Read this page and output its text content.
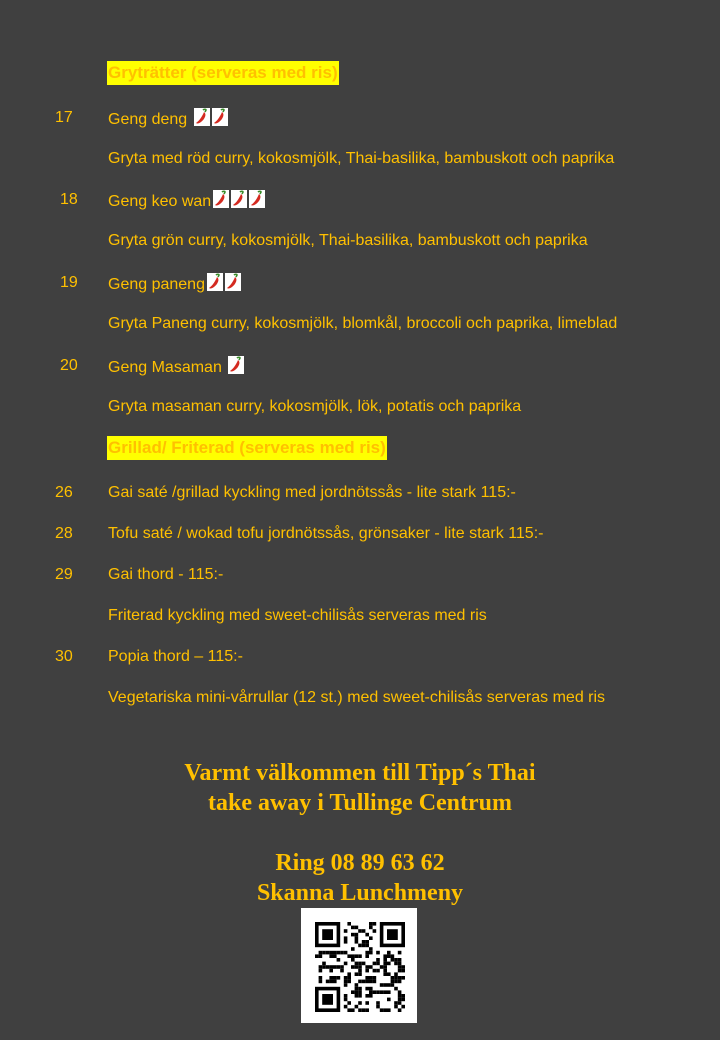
Gryträtter (serveras med ris)
17 Geng deng
Gryta med röd curry, kokosmjölk, Thai-basilika, bambuskott och paprika
18 Geng keo wan
Gryta grön curry, kokosmjölk, Thai-basilika, bambuskott och paprika
19 Geng paneng
Gryta Paneng curry, kokosmjölk, blomkål, broccoli och paprika, limeblad
20 Geng Masaman
Gryta masaman curry, kokosmjölk, lök, potatis och paprika
Grillad/ Friterad (serveras med ris)
26 Gai saté /grillad kyckling med jordnötssås - lite stark 115:-
28 Tofu saté / wokad tofu jordnötssås, grönsaker - lite stark 115:-
29 Gai thord - 115:-
Friterad kyckling med sweet-chilisås serveras med ris
30 Popia thord – 115:-
Vegetariska mini-vårrullar (12 st.) med sweet-chilisås serveras med ris
Varmt välkommen till Tipp´s Thai
take away i Tullinge Centrum
Ring 08 89 63 62
Skanna Lunchmeny
